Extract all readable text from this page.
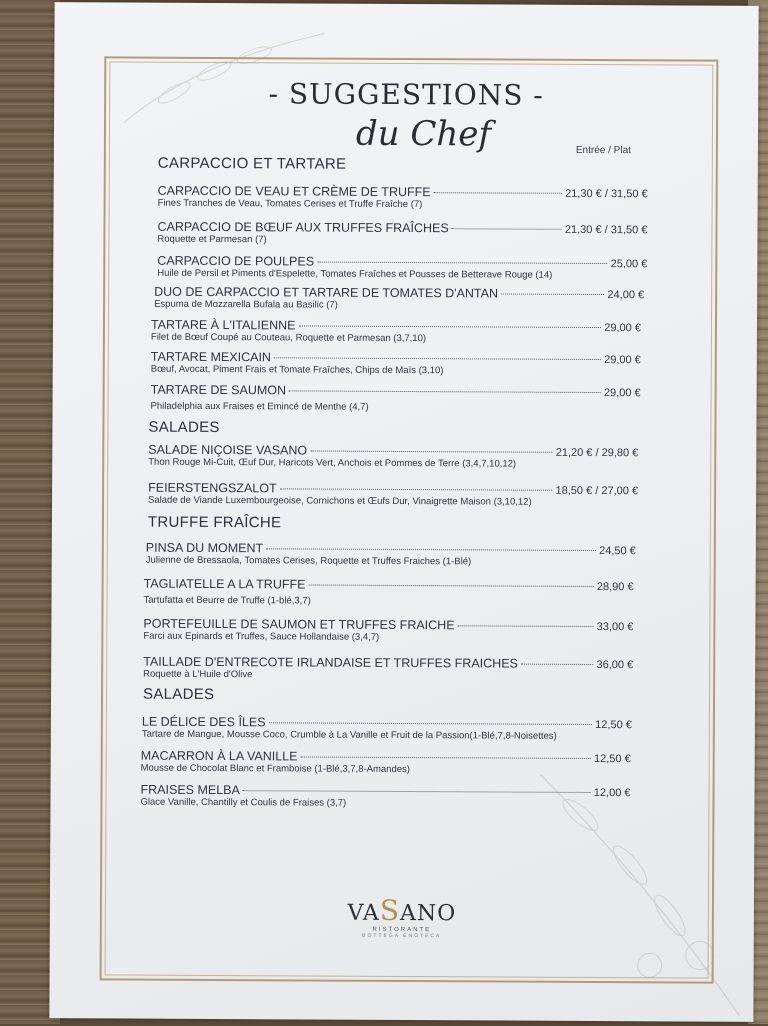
- SUGGESTIONS -
du Chef	Entrée / Plat
CARPACCIO ET TARTARE
CARPACCIO DE VEAU ET CRÈME DE TRUFFE	21,30 € / 31,50 €
Fines Tranches de Veau, Tomates Cerises et Truffe Fraîche (7)
CARPACCIO DE BŒUF AUX TRUFFES FRAÎCHES	21,30 € / 31,50 €
Roquette et Parmesan (7)
CARPACCIO DE POULPES	25,00 €
Huile de Persil et Piments d'Espelette, Tomates Fraîches et Pousses de Betterave Rouge (14)
DUO DE CARPACCIO ET TARTARE DE TOMATES D'ANTAN	24,00 €
Espuma de Mozzarella Bufala au Basilic (7)
TARTARE À L'ITALIENNE	29,00 €
Filet de Bœuf Coupé au Couteau, Roquette et Parmesan (3,7,10)
TARTARE MEXICAIN	29,00 €
Bœuf, Avocat, Piment Frais et Tomate Fraîches, Chips de Maïs (3,10)
TARTARE DE SAUMON	29,00 €
Philadelphia aux Fraises et Emincé de Menthe (4,7)
SALADES
SALADE NIÇOISE VASANO	21,20 € / 29,80 €
Thon Rouge Mi-Cuit, Œuf Dur, Haricots Vert, Anchois et Pommes de Terre (3,4,7,10,12)
FEIERSTENGSZALOT	18,50 € / 27,00 €
Salade de Viande Luxembourgeoise, Cornichons et Œufs Dur, Vinaigrette Maison (3,10,12)
TRUFFE FRAÎCHE
PINSA DU MOMENT	24,50 €
Julienne de Bressaola, Tomates Cerises, Roquette et Truffes Fraiches (1-Blé)
TAGLIATELLE A LA TRUFFE	28,90 €
Tartufatta et Beurre de Truffe (1-blé,3,7)
PORTEFEUILLE DE SAUMON ET TRUFFES FRAICHE	33,00 €
Farci aux Epinards et Truffes, Sauce Hollandaise (3,4,7)
TAILLADE D'ENTRECOTE IRLANDAISE ET TRUFFES FRAICHES	36,00 €
Roquette à L'Huile d'Olive
SALADES
LE DÉLICE DES ÎLES	12,50 €
Tartare de Mangue, Mousse Coco, Crumble à La Vanille et Fruit de la Passion(1-Blé,7,8-Noisettes)
MACARRON À LA VANILLE	12,50 €
Mousse de Chocolat Blanc et Framboise (1-Blé,3,7,8-Amandes)
FRAISES MELBA	12,00 €
Glace Vanille, Chantilly et Coulis de Fraises (3,7)
VASANO
RISTORANTE
BOTTEGA ENOTECA
